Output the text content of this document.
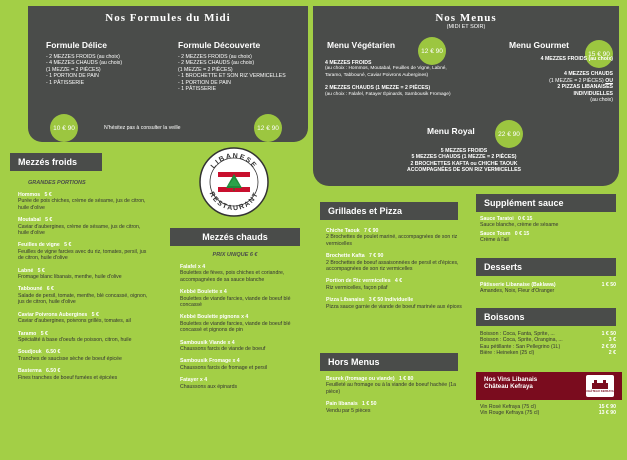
Nos Formules du Midi
Formule Délice
- 2 MEZZES FROIDS (au choix)
- 4 MEZZES CHAUDS (au choix)
(1 MEZZE = 2 PIÈCES)
- 1 PORTION DE PAIN
- 1 PÂTISSERIE
Formule Découverte
- 2 MEZZES FROIDS (au choix)
- 2 MEZZES CHAUDS (au choix)
(1 MEZZE = 2 PIÈCES)
- 1 BROCHETTE ET SON RIZ VERMICELLES
- 1 PORTION DE PAIN
- 1 PÂTISSERIE
10 € 90	N'hésitez pas à consulter la veille	12 € 90
Nos Menus
(MIDI ET SOIR)
Menu Végétarien
12 € 90
4 MEZZES FROIDS
(au choix : Hommos, Moutabal, Feuilles de Vigne, Labné, Taramo, Tabbouné, Caviar Poivrons Aubergines)
2 MEZZES CHAUDS (1 MEZZE = 2 PIÈCES)
(au choix : Falafel, Fatayer Épinards, Sambousik Fromage)
Menu Gourmet
15 € 90
4 MEZZES FROIDS (au choix)
4 MEZZES CHAUDS
(1 MEZZE = 2 PIÈCES) OU
2 PIZZAS LIBANAISES
INDIVIDUELLES
(au choix)
Menu Royal	22 € 90
5 MEZZES FROIDS
5 MEZZES CHAUDS (1 MEZZE = 2 PIÈCES)
2 BROCHETTES KAFTA ou CHICHE TAOUK
ACCOMPAGNÉES DE SON RIZ VERMICELLES
LIBANESE
RESTAURANT
Mezzés froids
GRANDES PORTIONS
Hommos 5 €
Purée de pois chiches, crème de sésame, jus de citron, huile d'olive
Moutabal 5 €
Caviar d'aubergines, crème de sésame, jus de citron, huile d'olive
Feuilles de vigne 5 €
Feuilles de vigne farcies avec du riz, tomates, persil, jus de citron, huile d'olive
Labné 5 €
Fromage blanc libanais, menthe, huile d'olive
Tabbouné 6 €
Salade de persil, tomate, menthe, blé concassé, oignon, jus de citron, huile d'olive
Caviar Poivrons Aubergines 5 €
Caviar d'aubergines, poivrons grillés, tomates, ail
Taramo 5 €
Spécialité à base d'oeufs de poisson, citron, huile
Soudjouk 6.50 €
Tranches de saucisse sèche de boeuf épicée
Basterma 6.50 €
Fines tranches de boeuf fumées et épicées
Mezzés chauds
PRIX UNIQUE 6 €
Falafel x 4
Boulettes de fèves, pois chiches et coriandre, accompagnées de sa sauce blanche
Kebbé Boulette x 4
Boulettes de viande farcies, viande de boeuf blé concassé
Kebbé Boulette pignons x 4
Boulettes de viande farcies, viande de boeuf blé concassé et pignons de pin
Sambousik Viande x 4
Chaussons farcis de viande de boeuf
Sambousik Fromage x 4
Chaussons farcis de fromage et persil
Fatayer x 4
Chaussons aux épinards
Grillades et Pizza
Chiche Taouk 7 € 90
2 Brochettes de poulet mariné, accompagnées de son riz vermicelles
Brochette Kafta 7 € 90
2 Brochettes de boeuf assaisonnées de persil et d'épices, accompagnées de son riz vermicelles
Portion de Riz vermicelles 4 €
Riz vermicelles, façon pilaf
Pizza Libanaise 3 € 50 Individuelle
Pizza sauce garnie de viande de boeuf marinée aux épices
Hors Menus
Beurek (fromage ou viande) 1 € 80
Feuilleté au fromage ou à la viande de boeuf hachée (1a pièce)
Pain libanais 1 € 50
Vendu par 5 pièces
Supplément sauce
Sauce Taratoi 0 € 15
Sauce blanche, crème de sésame
Sauce Toum 0 € 15
Crème à l'ail
Desserts
Pâtisserie Libanaise (Baklawa)	1 € 50
Amandes, Noix, Fleur d'Oranger
Boissons
Boisson : Coca, Fanta, Sprite, ...	1 € 50
Boisson : Coca, Sprite, Orangina, ...	3 €
Eau pétillante : San Pellegrino (1L)	2 € 50
Bière : Heineken (25 cl)	2 €
Nos Vins Libanais
Château Kefraya
CHÂTEAU KEFRAYA
Vin Rosé Kefraya (75 cl)	15 € 90
Vin Rouge Kefraya (75 cl)	13 € 90
